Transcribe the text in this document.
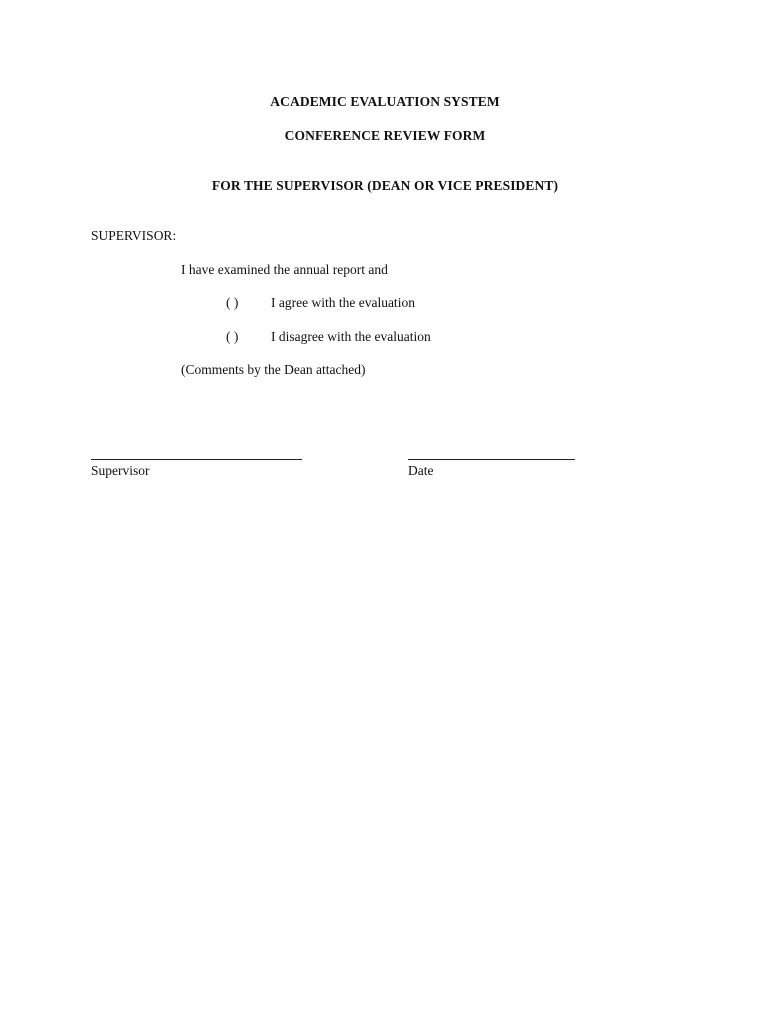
ACADEMIC EVALUATION SYSTEM
CONFERENCE REVIEW FORM
FOR THE SUPERVISOR (DEAN OR VICE PRESIDENT)
SUPERVISOR:
I have examined the annual report and
( ) I agree with the evaluation
( ) I disagree with the evaluation
(Comments by the Dean attached)
Supervisor	Date
